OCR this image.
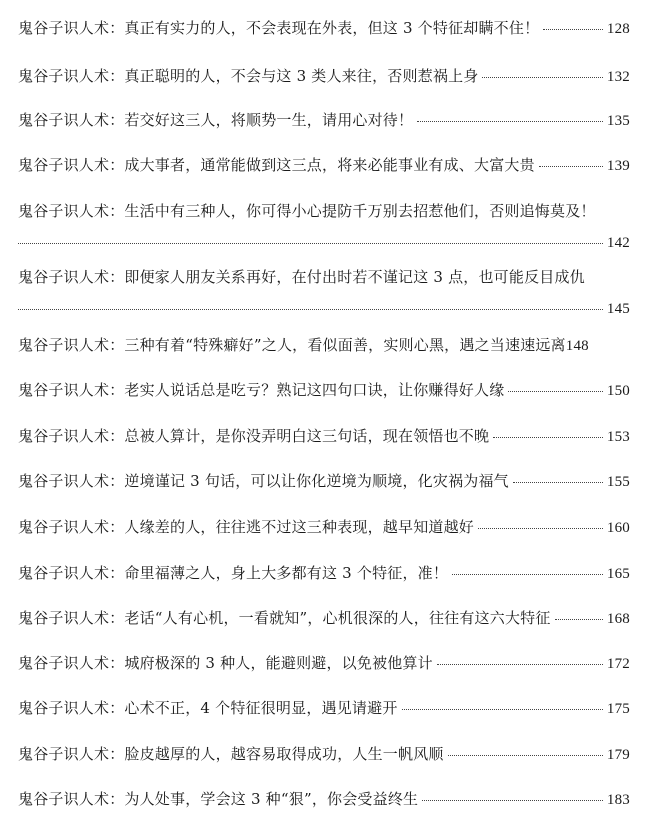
鬼谷子识人术：真正有实力的人，不会表现在外表，但这 3 个特征却瞒不住！	128
鬼谷子识人术：真正聪明的人，不会与这 3 类人来往，否则惹祸上身	132
鬼谷子识人术：若交好这三人，将顺势一生，请用心对待！	135
鬼谷子识人术：成大事者，通常能做到这三点，将来必能事业有成、大富大贵	139
鬼谷子识人术：生活中有三种人，你可得小心提防千万别去招惹他们，否则追悔莫及！
142
鬼谷子识人术：即便家人朋友关系再好，在付出时若不谨记这 3 点，也可能反目成仇
145
鬼谷子识人术：三种有着“特殊癖好”之人，看似面善，实则心黑，遇之当速速远离 148
鬼谷子识人术：老实人说话总是吃亏？熟记这四句口诀，让你赚得好人缘	150
鬼谷子识人术：总被人算计，是你没弄明白这三句话，现在领悟也不晚	153
鬼谷子识人术：逆境谨记 3 句话，可以让你化逆境为顺境，化灾祸为福气	155
鬼谷子识人术：人缘差的人，往往逃不过这三种表现，越早知道越好	160
鬼谷子识人术：命里福薄之人，身上大多都有这 3 个特征，准！	165
鬼谷子识人术：老话“人有心机，一看就知”，心机很深的人，往往有这六大特征	168
鬼谷子识人术：城府极深的 3 种人，能避则避，以免被他算计	172
鬼谷子识人术：心术不正，4 个特征很明显，遇见请避开	175
鬼谷子识人术：脸皮越厚的人，越容易取得成功，人生一帆风顺	179
鬼谷子识人术：为人处事，学会这 3 种“狠”，你会受益终生	183
